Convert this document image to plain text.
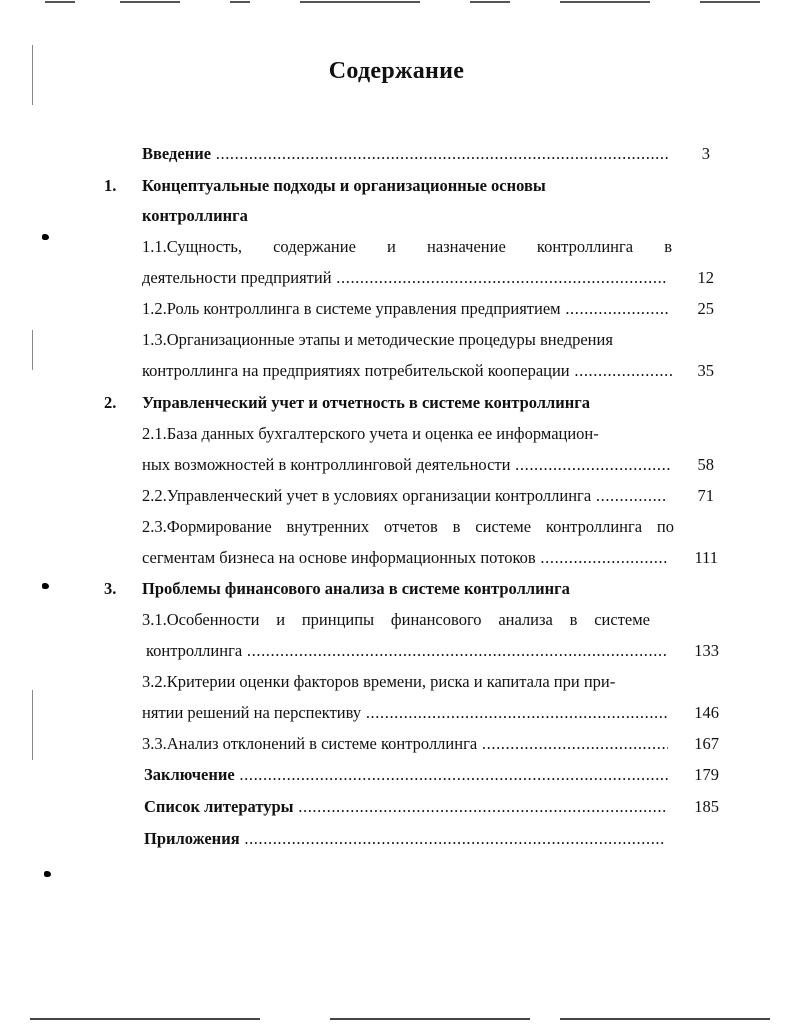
Содержание
Введение .....	3
1.	Концептуальные подходы и организационные основы
контроллинга
1.1.Сущность, содержание и назначение контроллинга в
деятельности предприятий .....	12
1.2.Роль контроллинга в системе управления предприятием .....	25
1.3.Организационные этапы и методические процедуры внедрения
контроллинга на предприятиях потребительской кооперации .....	35
2.	Управленческий учет и отчетность в системе контроллинга
2.1.База данных бухгалтерского учета и оценка ее информацион-
ных возможностей в контроллинговой деятельности .....	58
2.2.Управленческий учет в условиях организации контроллинга .....	71
2.3.Формирование внутренних отчетов в системе контроллинга по
сегментам бизнеса на основе информационных потоков .....	111
3.	Проблемы финансового анализа в системе контроллинга
3.1.Особенности и принципы финансового анализа в системе
контроллинга .....	133
3.2.Критерии оценки факторов времени, риска и капитала при при-
нятии решений на перспективу .....	146
3.3.Анализ отклонений в системе контроллинга .....	167
Заключение .....	179
Список литературы .....	185
Приложения .....
